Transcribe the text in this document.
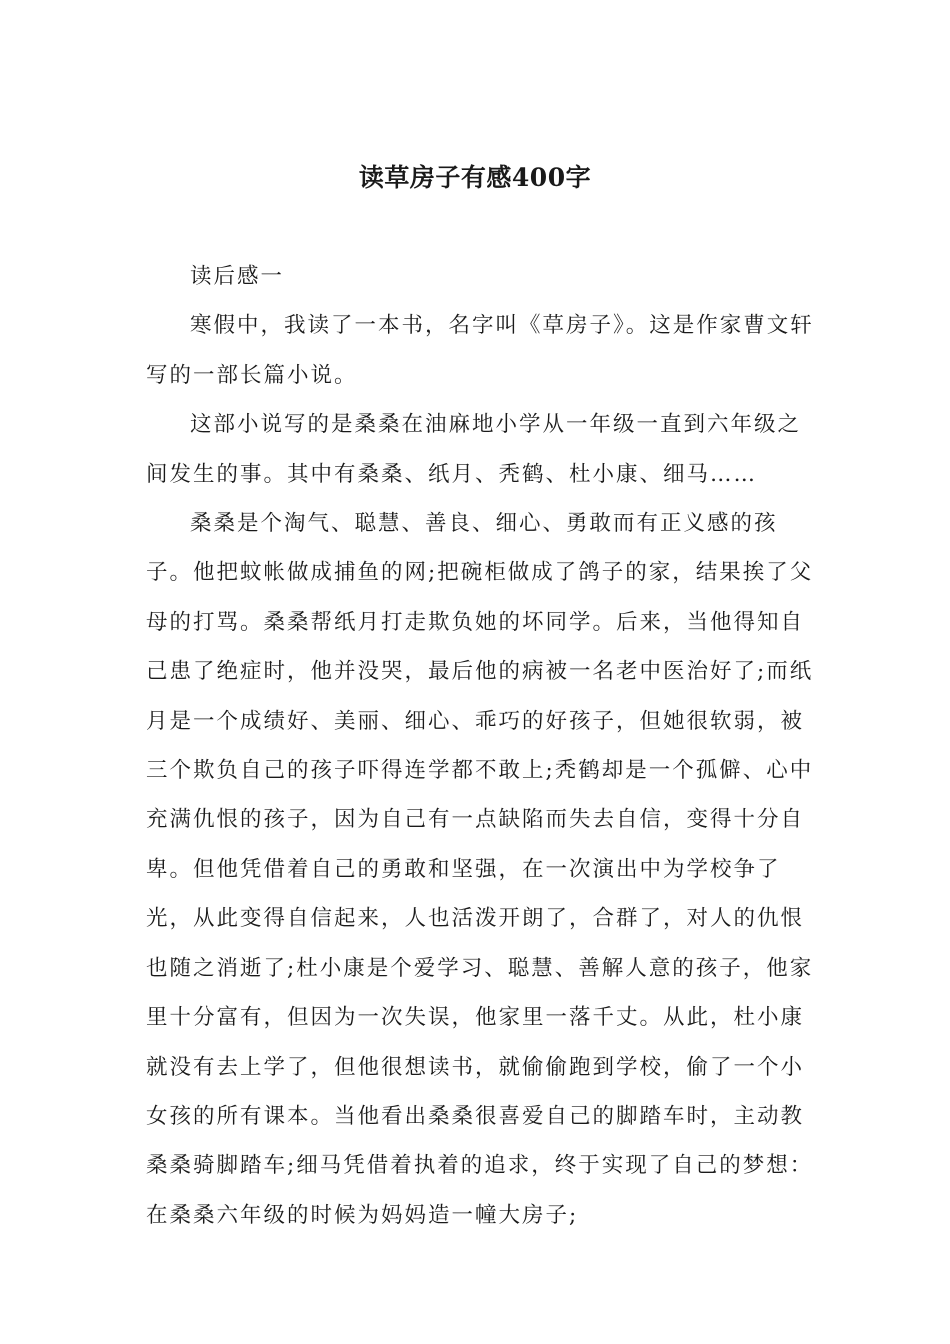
读草房子有感400字

读后感一

寒假中，我读了一本书，名字叫《草房子》。这是作家曹文轩写的一部长篇小说。

这部小说写的是桑桑在油麻地小学从一年级一直到六年级之间发生的事。其中有桑桑、纸月、秃鹤、杜小康、细马……

桑桑是个淘气、聪慧、善良、细心、勇敢而有正义感的孩子。他把蚊帐做成捕鱼的网;把碗柜做成了鸽子的家，结果挨了父母的打骂。桑桑帮纸月打走欺负她的坏同学。后来，当他得知自己患了绝症时，他并没哭，最后他的病被一名老中医治好了;而纸月是一个成绩好、美丽、细心、乖巧的好孩子，但她很软弱，被三个欺负自己的孩子吓得连学都不敢上;秃鹤却是一个孤僻、心中充满仇恨的孩子，因为自己有一点缺陷而失去自信，变得十分自卑。但他凭借着自己的勇敢和坚强，在一次演出中为学校争了光，从此变得自信起来，人也活泼开朗了，合群了，对人的仇恨也随之消逝了;杜小康是个爱学习、聪慧、善解人意的孩子，他家里十分富有，但因为一次失误，他家里一落千丈。从此，杜小康就没有去上学了，但他很想读书，就偷偷跑到学校，偷了一个小女孩的所有课本。当他看出桑桑很喜爱自己的脚踏车时，主动教桑桑骑脚踏车;细马凭借着执着的追求，终于实现了自己的梦想：在桑桑六年级的时候为妈妈造一幢大房子;
